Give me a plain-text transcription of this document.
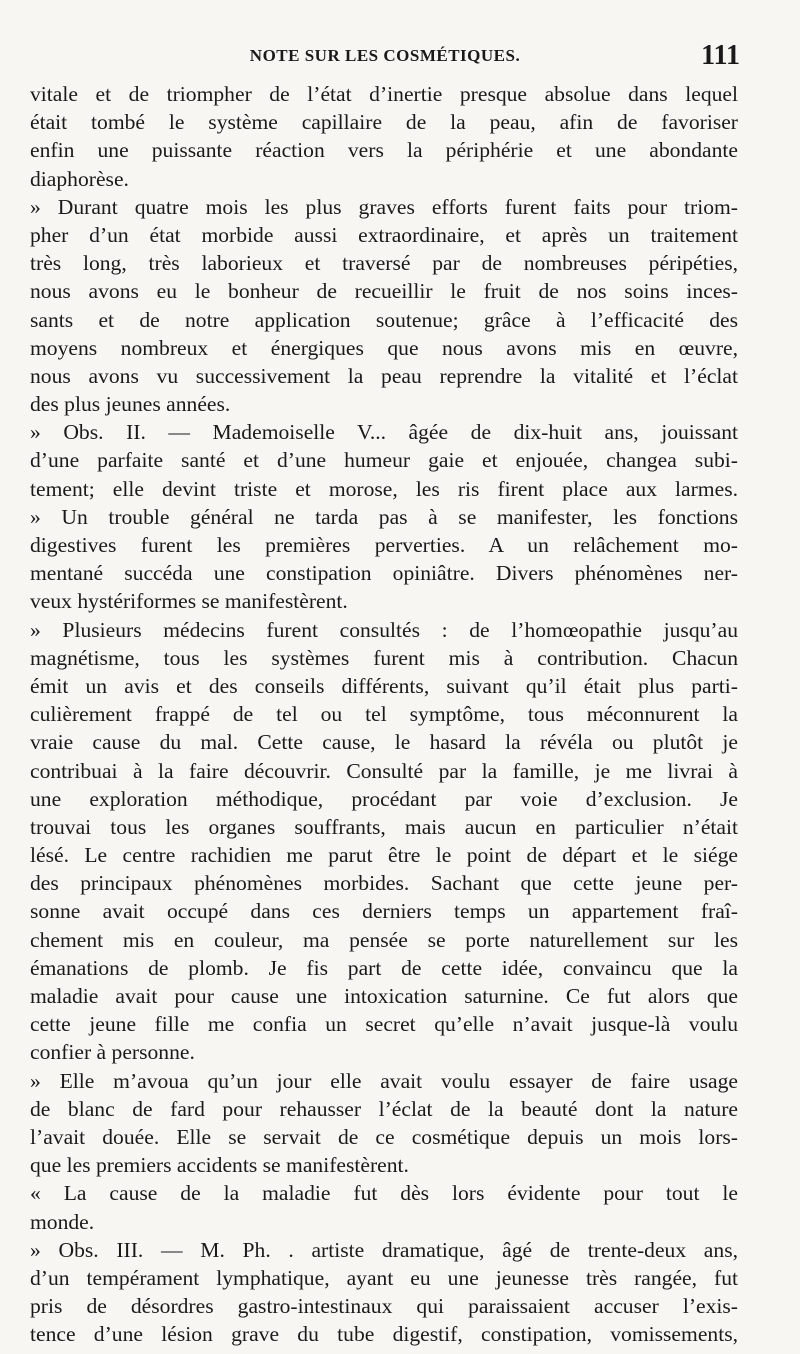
NOTE SUR LES COSMÉTIQUES.	111
vitale et de triompher de l’état d’inertie presque absolue dans lequel
était tombé le système capillaire de la peau, afin de favoriser
enfin une puissante réaction vers la périphérie et une abondante
diaphorèse.
» Durant quatre mois les plus graves efforts furent faits pour triom-
pher d’un état morbide aussi extraordinaire, et après un traitement
très long, très laborieux et traversé par de nombreuses péripéties,
nous avons eu le bonheur de recueillir le fruit de nos soins inces-
sants et de notre application soutenue; grâce à l’efficacité des
moyens nombreux et énergiques que nous avons mis en œuvre,
nous avons vu successivement la peau reprendre la vitalité et l’éclat
des plus jeunes années.
» Obs. II. — Mademoiselle V... âgée de dix-huit ans, jouissant
d’une parfaite santé et d’une humeur gaie et enjouée, changea subi-
tement; elle devint triste et morose, les ris firent place aux larmes.
» Un trouble général ne tarda pas à se manifester, les fonctions
digestives furent les premières perverties. A un relâchement mo-
mentané succéda une constipation opiniâtre. Divers phénomènes ner-
veux hystériformes se manifestèrent.
» Plusieurs médecins furent consultés : de l’homœopathie jusqu’au
magnétisme, tous les systèmes furent mis à contribution. Chacun
émit un avis et des conseils différents, suivant qu’il était plus parti-
culièrement frappé de tel ou tel symptôme, tous méconnurent la
vraie cause du mal. Cette cause, le hasard la révéla ou plutôt je
contribuai à la faire découvrir. Consulté par la famille, je me livrai à
une exploration méthodique, procédant par voie d’exclusion. Je
trouvai tous les organes souffrants, mais aucun en particulier n’était
lésé. Le centre rachidien me parut être le point de départ et le siége
des principaux phénomènes morbides. Sachant que cette jeune per-
sonne avait occupé dans ces derniers temps un appartement fraî-
chement mis en couleur, ma pensée se porte naturellement sur les
émanations de plomb. Je fis part de cette idée, convaincu que la
maladie avait pour cause une intoxication saturnine. Ce fut alors que
cette jeune fille me confia un secret qu’elle n’avait jusque-là voulu
confier à personne.
» Elle m’avoua qu’un jour elle avait voulu essayer de faire usage
de blanc de fard pour rehausser l’éclat de la beauté dont la nature
l’avait douée. Elle se servait de ce cosmétique depuis un mois lors-
que les premiers accidents se manifestèrent.
« La cause de la maladie fut dès lors évidente pour tout le
monde.
» Obs. III. — M. Ph. . artiste dramatique, âgé de trente-deux ans,
d’un tempérament lymphatique, ayant eu une jeunesse très rangée, fut
pris de désordres gastro-intestinaux qui paraissaient accuser l’exis-
tence d’une lésion grave du tube digestif, constipation, vomissements,
